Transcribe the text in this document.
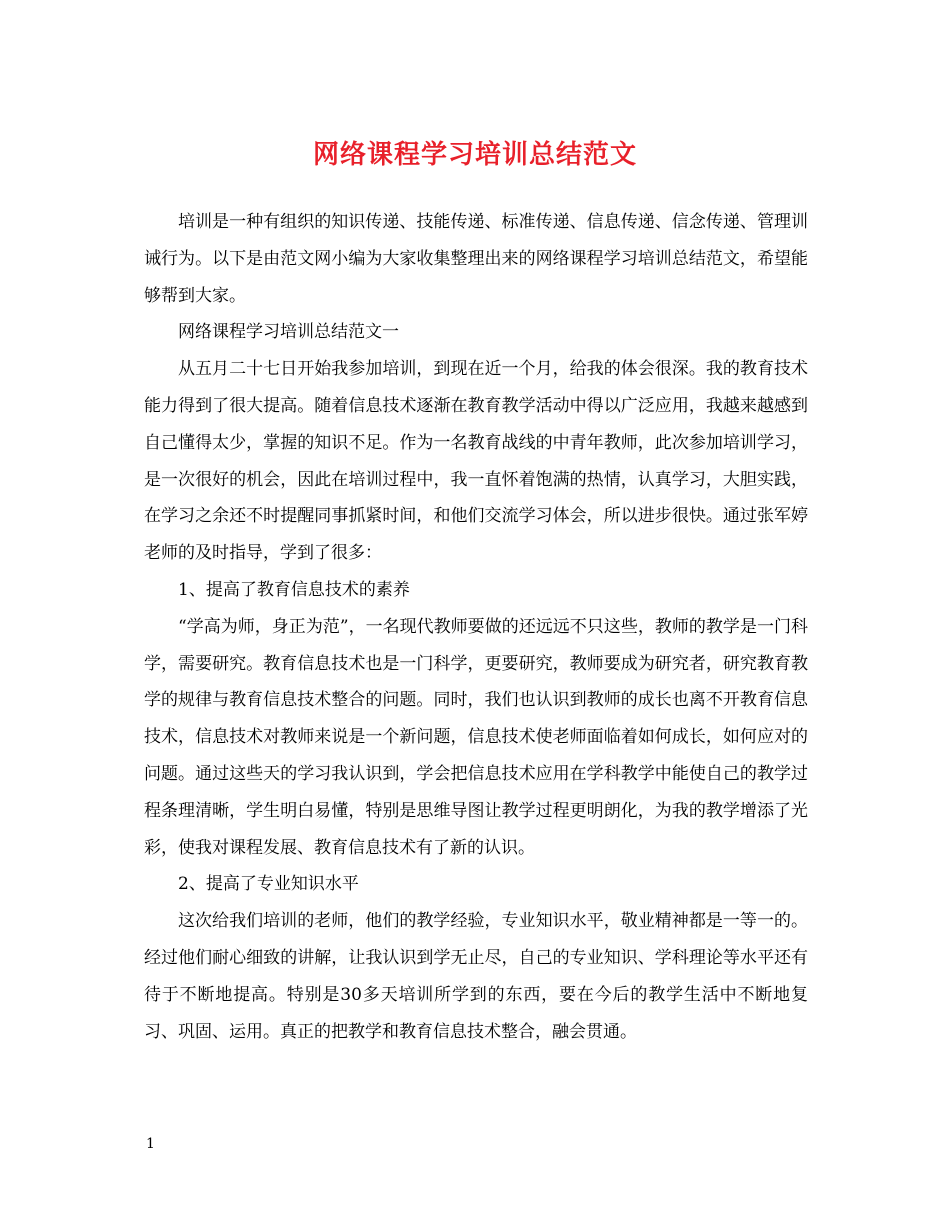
网络课程学习培训总结范文

培训是一种有组织的知识传递、技能传递、标准传递、信息传递、信念传递、管理训诫行为。以下是由范文网小编为大家收集整理出来的网络课程学习培训总结范文，希望能够帮到大家。

网络课程学习培训总结范文一

从五月二十七日开始我参加培训，到现在近一个月，给我的体会很深。我的教育技术能力得到了很大提高。随着信息技术逐渐在教育教学活动中得以广泛应用，我越来越感到自己懂得太少，掌握的知识不足。作为一名教育战线的中青年教师，此次参加培训学习，是一次很好的机会，因此在培训过程中，我一直怀着饱满的热情，认真学习，大胆实践，在学习之余还不时提醒同事抓紧时间，和他们交流学习体会，所以进步很快。通过张军婷老师的及时指导，学到了很多：

1、提高了教育信息技术的素养

“学高为师，身正为范”，一名现代教师要做的还远远不只这些，教师的教学是一门科学，需要研究。教育信息技术也是一门科学，更要研究，教师要成为研究者，研究教育教学的规律与教育信息技术整合的问题。同时，我们也认识到教师的成长也离不开教育信息技术，信息技术对教师来说是一个新问题，信息技术使老师面临着如何成长，如何应对的问题。通过这些天的学习我认识到，学会把信息技术应用在学科教学中能使自己的教学过程条理清晰，学生明白易懂，特别是思维导图让教学过程更明朗化，为我的教学增添了光彩，使我对课程发展、教育信息技术有了新的认识。

2、提高了专业知识水平

这次给我们培训的老师，他们的教学经验，专业知识水平，敬业精神都是一等一的。经过他们耐心细致的讲解，让我认识到学无止尽，自己的专业知识、学科理论等水平还有待于不断地提高。特别是30多天培训所学到的东西，要在今后的教学生活中不断地复习、巩固、运用。真正的把教学和教育信息技术整合，融会贯通。

1
